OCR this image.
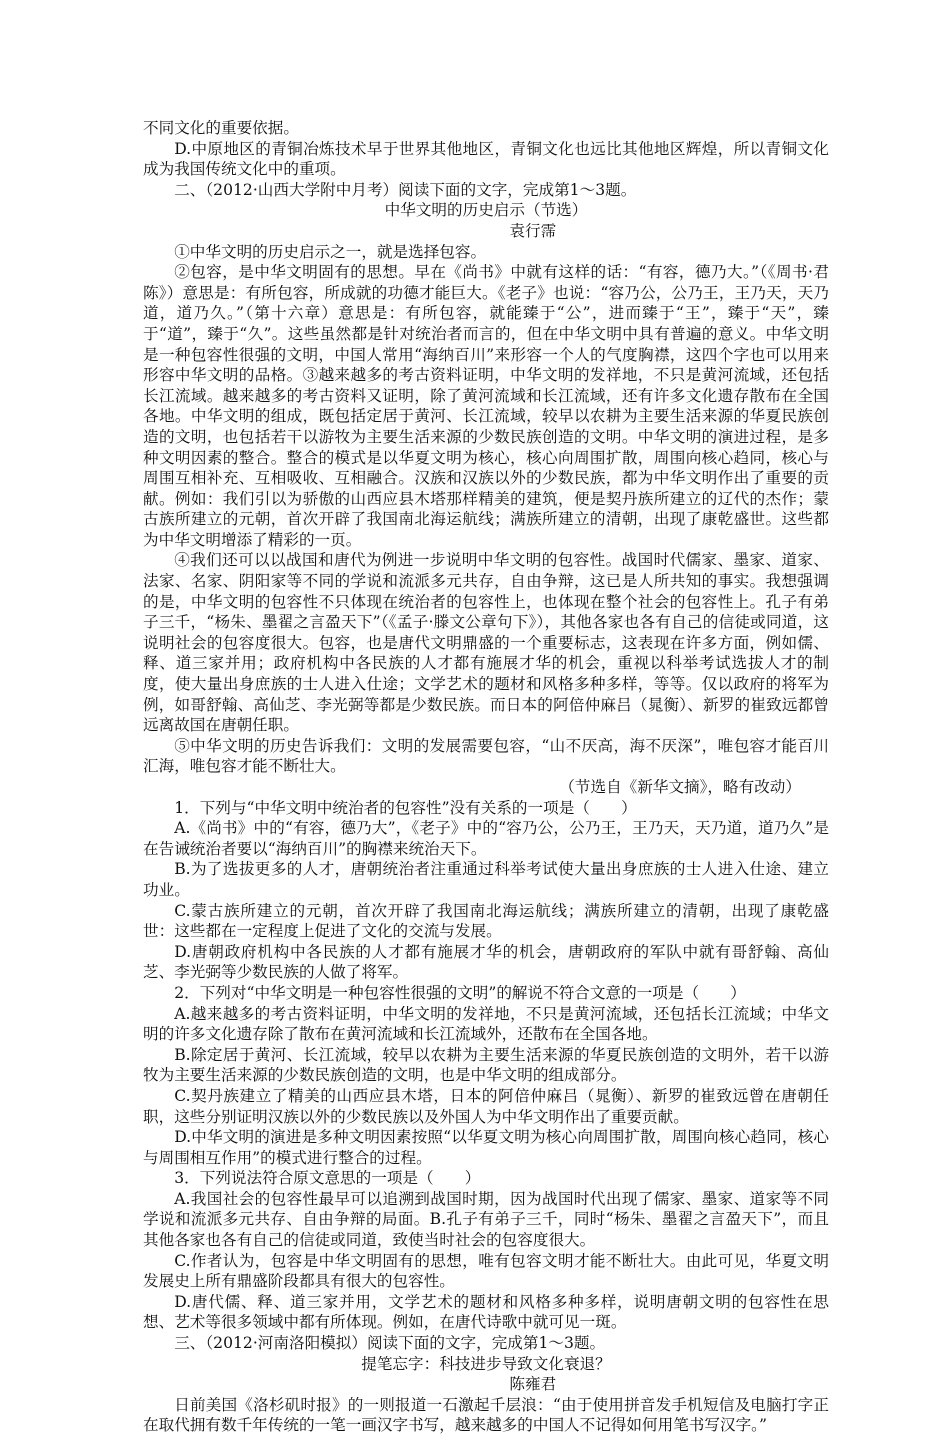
不同文化的重要依据。

D.中原地区的青铜冶炼技术早于世界其他地区，青铜文化也远比其他地区辉煌，所以青铜文化成为我国传统文化中的重项。

二、（2012·山西大学附中月考）阅读下面的文字，完成第1～3题。

中华文明的历史启示（节选）

　　　　　　袁行霈

①中华文明的历史启示之一，就是选择包容。

②包容，是中华文明固有的思想。早在《尚书》中就有这样的话：“有容，德乃大。”（《周书·君陈》）意思是：有所包容，所成就的功德才能巨大。《老子》也说：“容乃公，公乃王，王乃天，天乃道，道乃久。”（第十六章）意思是：有所包容，就能臻于“公”，进而臻于“王”，臻于“天”，臻于“道”，臻于“久”。这些虽然都是针对统治者而言的，但在中华文明中具有普遍的意义。中华文明是一种包容性很强的文明，中国人常用“海纳百川”来形容一个人的气度胸襟，这四个字也可以用来形容中华文明的品格。③越来越多的考古资料证明，中华文明的发祥地，不只是黄河流域，还包括长江流域。越来越多的考古资料又证明，除了黄河流域和长江流域，还有许多文化遗存散布在全国各地。中华文明的组成，既包括定居于黄河、长江流域，较早以农耕为主要生活来源的华夏民族创造的文明，也包括若干以游牧为主要生活来源的少数民族创造的文明。中华文明的演进过程，是多种文明因素的整合。整合的模式是以华夏文明为核心，核心向周围扩散，周围向核心趋同，核心与周围互相补充、互相吸收、互相融合。汉族和汉族以外的少数民族，都为中华文明作出了重要的贡献。例如：我们引以为骄傲的山西应县木塔那样精美的建筑，便是契丹族所建立的辽代的杰作；蒙古族所建立的元朝，首次开辟了我国南北海运航线；满族所建立的清朝，出现了康乾盛世。这些都为中华文明增添了精彩的一页。

④我们还可以以战国和唐代为例进一步说明中华文明的包容性。战国时代儒家、墨家、道家、法家、名家、阴阳家等不同的学说和流派多元共存，自由争辩，这已是人所共知的事实。我想强调的是，中华文明的包容性不只体现在统治者的包容性上，也体现在整个社会的包容性上。孔子有弟子三千，“杨朱、墨翟之言盈天下”（《孟子·滕文公章句下》），其他各家也各有自己的信徒或同道，这说明社会的包容度很大。包容，也是唐代文明鼎盛的一个重要标志，这表现在许多方面，例如儒、释、道三家并用；政府机构中各民族的人才都有施展才华的机会，重视以科举考试选拔人才的制度，使大量出身庶族的士人进入仕途；文学艺术的题材和风格多种多样，等等。仅以政府的将军为例，如哥舒翰、高仙芝、李光弼等都是少数民族。而日本的阿倍仲麻吕（晁衡）、新罗的崔致远都曾远离故国在唐朝任职。

⑤中华文明的历史告诉我们：文明的发展需要包容，“山不厌高，海不厌深”，唯包容才能百川汇海，唯包容才能不断壮大。

（节选自《新华文摘》，略有改动）

1．下列与“中华文明中统治者的包容性”没有关系的一项是（　　）

A.《尚书》中的“有容，德乃大”，《老子》中的“容乃公，公乃王，王乃天，天乃道，道乃久”是在告诫统治者要以“海纳百川”的胸襟来统治天下。

B.为了选拔更多的人才，唐朝统治者注重通过科举考试使大量出身庶族的士人进入仕途、建立功业。

C.蒙古族所建立的元朝，首次开辟了我国南北海运航线；满族所建立的清朝，出现了康乾盛世：这些都在一定程度上促进了文化的交流与发展。

D.唐朝政府机构中各民族的人才都有施展才华的机会，唐朝政府的军队中就有哥舒翰、高仙芝、李光弼等少数民族的人做了将军。

2．下列对“中华文明是一种包容性很强的文明”的解说不符合文意的一项是（　　）

A.越来越多的考古资料证明，中华文明的发祥地，不只是黄河流域，还包括长江流域；中华文明的许多文化遗存除了散布在黄河流域和长江流域外，还散布在全国各地。

B.除定居于黄河、长江流域，较早以农耕为主要生活来源的华夏民族创造的文明外，若干以游牧为主要生活来源的少数民族创造的文明，也是中华文明的组成部分。

C.契丹族建立了精美的山西应县木塔，日本的阿倍仲麻吕（晁衡）、新罗的崔致远曾在唐朝任职，这些分别证明汉族以外的少数民族以及外国人为中华文明作出了重要贡献。

D.中华文明的演进是多种文明因素按照“以华夏文明为核心向周围扩散，周围向核心趋同，核心与周围相互作用”的模式进行整合的过程。

3．下列说法符合原文意思的一项是（　　）

A.我国社会的包容性最早可以追溯到战国时期，因为战国时代出现了儒家、墨家、道家等不同学说和流派多元共存、自由争辩的局面。B.孔子有弟子三千，同时“杨朱、墨翟之言盈天下”，而且其他各家也各有自己的信徒或同道，致使当时社会的包容度很大。

C.作者认为，包容是中华文明固有的思想，唯有包容文明才能不断壮大。由此可见，华夏文明发展史上所有鼎盛阶段都具有很大的包容性。

D.唐代儒、释、道三家并用，文学艺术的题材和风格多种多样，说明唐朝文明的包容性在思想、艺术等很多领域中都有所体现。例如，在唐代诗歌中就可见一斑。

三、（2012·河南洛阳模拟）阅读下面的文字，完成第1～3题。

提笔忘字：科技进步导致文化衰退？

　　　　　　陈雍君

日前美国《洛杉矶时报》的一则报道一石激起千层浪：“由于使用拼音发手机短信及电脑打字正在取代拥有数千年传统的一笔一画汉字书写，越来越多的中国人不记得如何用笔书写汉字。”
